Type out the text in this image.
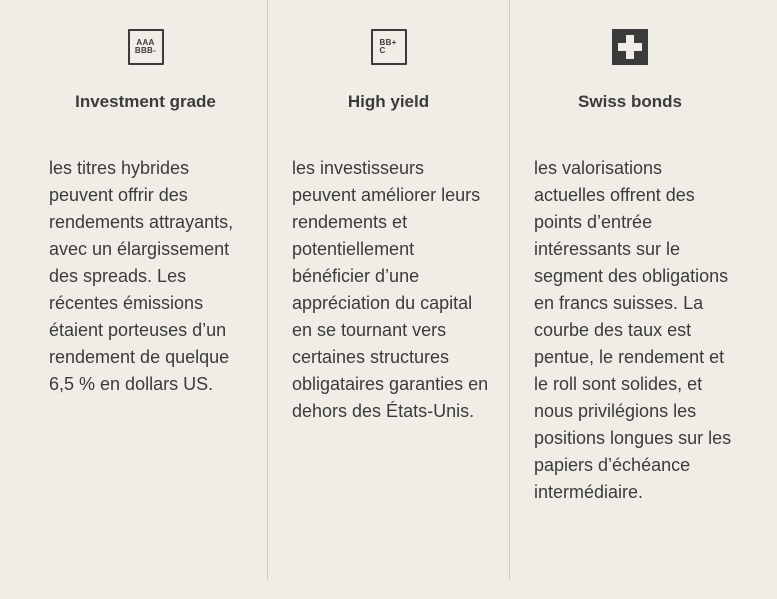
AAA
BBB-
Investment grade

les titres hybrides peuvent offrir des rendements attrayants, avec un élargissement des spreads. Les récentes émissions étaient porteuses d’un rendement de quelque 6,5 % en dollars US.

BB+
C
High yield

les investisseurs peuvent améliorer leurs rendements et potentiellement bénéficier d’une appréciation du capital en se tournant vers certaines structures obligataires garanties en dehors des États-Unis.

Swiss bonds

les valorisations actuelles offrent des points d’entrée intéressants sur le segment des obligations en francs suisses. La courbe des taux est pentue, le rendement et le roll sont solides, et nous privilégions les positions longues sur les papiers d’échéance intermédiaire.
